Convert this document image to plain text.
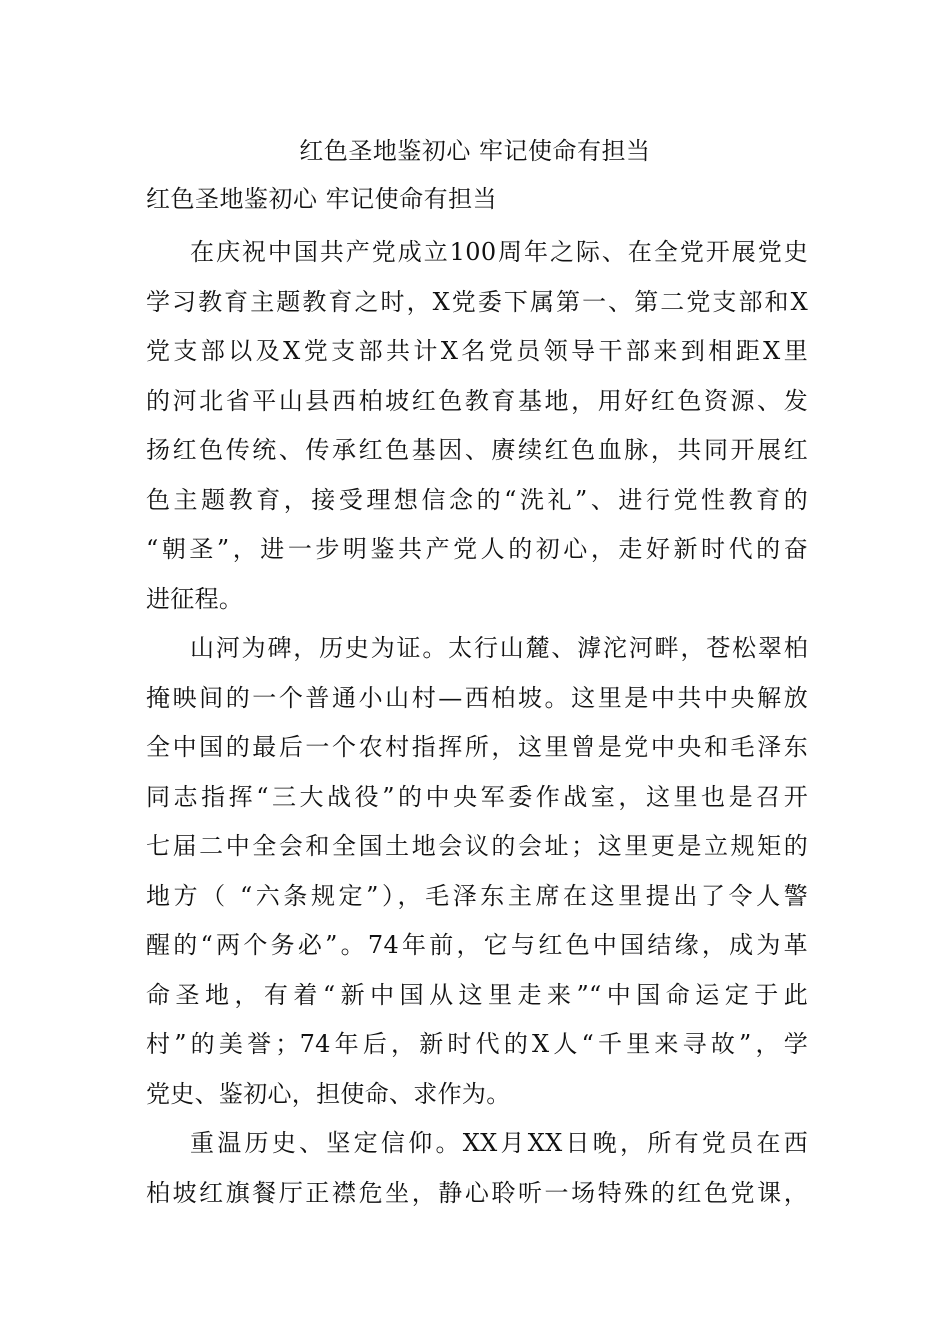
红色圣地鉴初心 牢记使命有担当
红色圣地鉴初心 牢记使命有担当

在庆祝中国共产党成立100周年之际、在全党开展党史
学习教育主题教育之时，X党委下属第一、第二党支部和X
党支部以及X党支部共计X名党员领导干部来到相距X里
的河北省平山县西柏坡红色教育基地，用好红色资源、发
扬红色传统、传承红色基因、赓续红色血脉，共同开展红
色主题教育，接受理想信念的“洗礼”、进行党性教育的
“朝圣”，进一步明鉴共产党人的初心，走好新时代的奋
进征程。

山河为碑，历史为证。太行山麓、滹沱河畔，苍松翠柏
掩映间的一个普通小山村—西柏坡。这里是中共中央解放
全中国的最后一个农村指挥所，这里曾是党中央和毛泽东
同志指挥“三大战役”的中央军委作战室，这里也是召开
七届二中全会和全国土地会议的会址；这里更是立规矩的
地方（ “六条规定”），毛泽东主席在这里提出了令人警
醒的“两个务必”。74年前，它与红色中国结缘，成为革
命圣地，有着“新中国从这里走来”“中国命运定于此
村”的美誉；74年后，新时代的X人“千里来寻故”，学
党史、鉴初心，担使命、求作为。

重温历史、坚定信仰。XX月XX日晚，所有党员在西
柏坡红旗餐厅正襟危坐，静心聆听一场特殊的红色党课，
